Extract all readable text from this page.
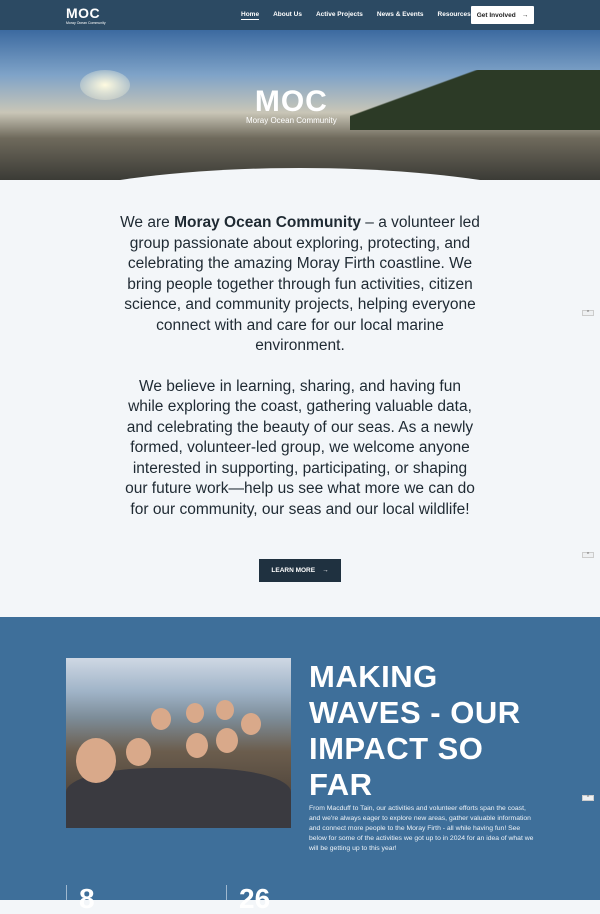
MOC
Moray Ocean Community
Home About Us Active Projects News & Events Resources Get Involved →
MOC
Moray Ocean Community

We are Moray Ocean Community – a volunteer led group passionate about exploring, protecting, and celebrating the amazing Moray Firth coastline. We bring people together through fun activities, citizen science, and community projects, helping everyone connect with and care for our local marine environment.

We believe in learning, sharing, and having fun while exploring the coast, gathering valuable data, and celebrating the beauty of our seas. As a newly formed, volunteer-led group, we welcome anyone interested in supporting, participating, or shaping our future work—help us see what more we can do for our community, our seas and our local wildlife!

LEARN MORE →
^
^
MAKING WAVES - OUR IMPACT SO FAR
From Macduff to Tain, our activities and volunteer efforts span the coast, and we're always eager to explore new areas, gather valuable information and connect more people to the Moray Firth - all while having fun! See below for some of the activities we got up to in 2024 for an idea of what we will be getting up to this year!
^
8	26
